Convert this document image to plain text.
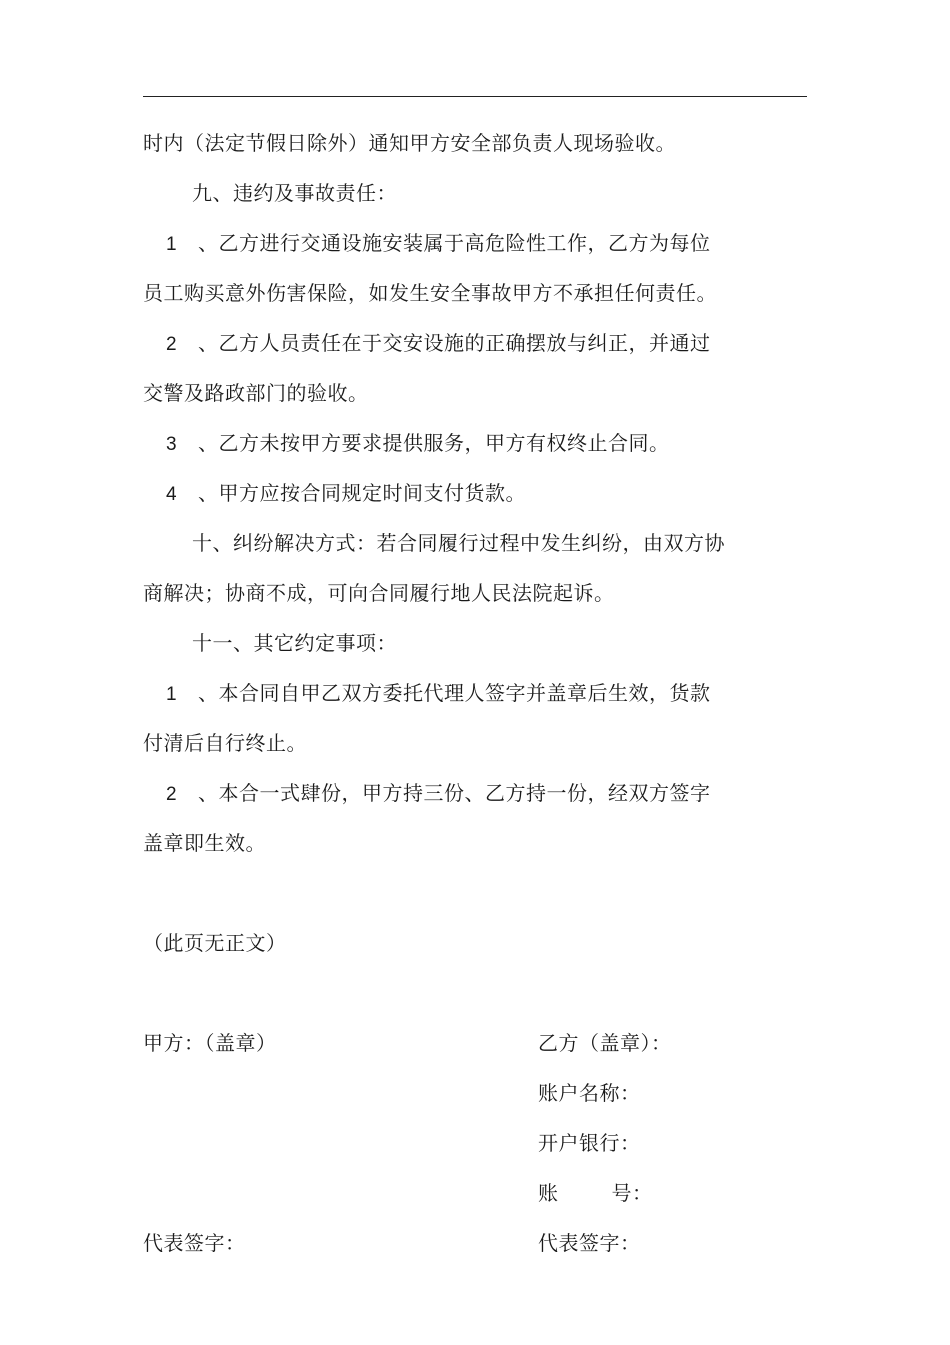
时内（法定节假日除外）通知甲方安全部负责人现场验收。
九、违约及事故责任：
1 、乙方进行交通设施安装属于高危险性工作，乙方为每位
员工购买意外伤害保险，如发生安全事故甲方不承担任何责任。
2 、乙方人员责任在于交安设施的正确摆放与纠正，并通过
交警及路政部门的验收。
3 、乙方未按甲方要求提供服务，甲方有权终止合同。
4 、甲方应按合同规定时间支付货款。
十、纠纷解决方式：若合同履行过程中发生纠纷，由双方协
商解决；协商不成，可向合同履行地人民法院起诉。
十一、其它约定事项：
1 、本合同自甲乙双方委托代理人签字并盖章后生效，货款
付清后自行终止。
2 、本合一式肆份，甲方持三份、乙方持一份，经双方签字
盖章即生效。
（此页无正文）
甲方：（盖章）	乙方（盖章）：
账户名称：
开户银行：
账	号：
代表签字：	代表签字：
